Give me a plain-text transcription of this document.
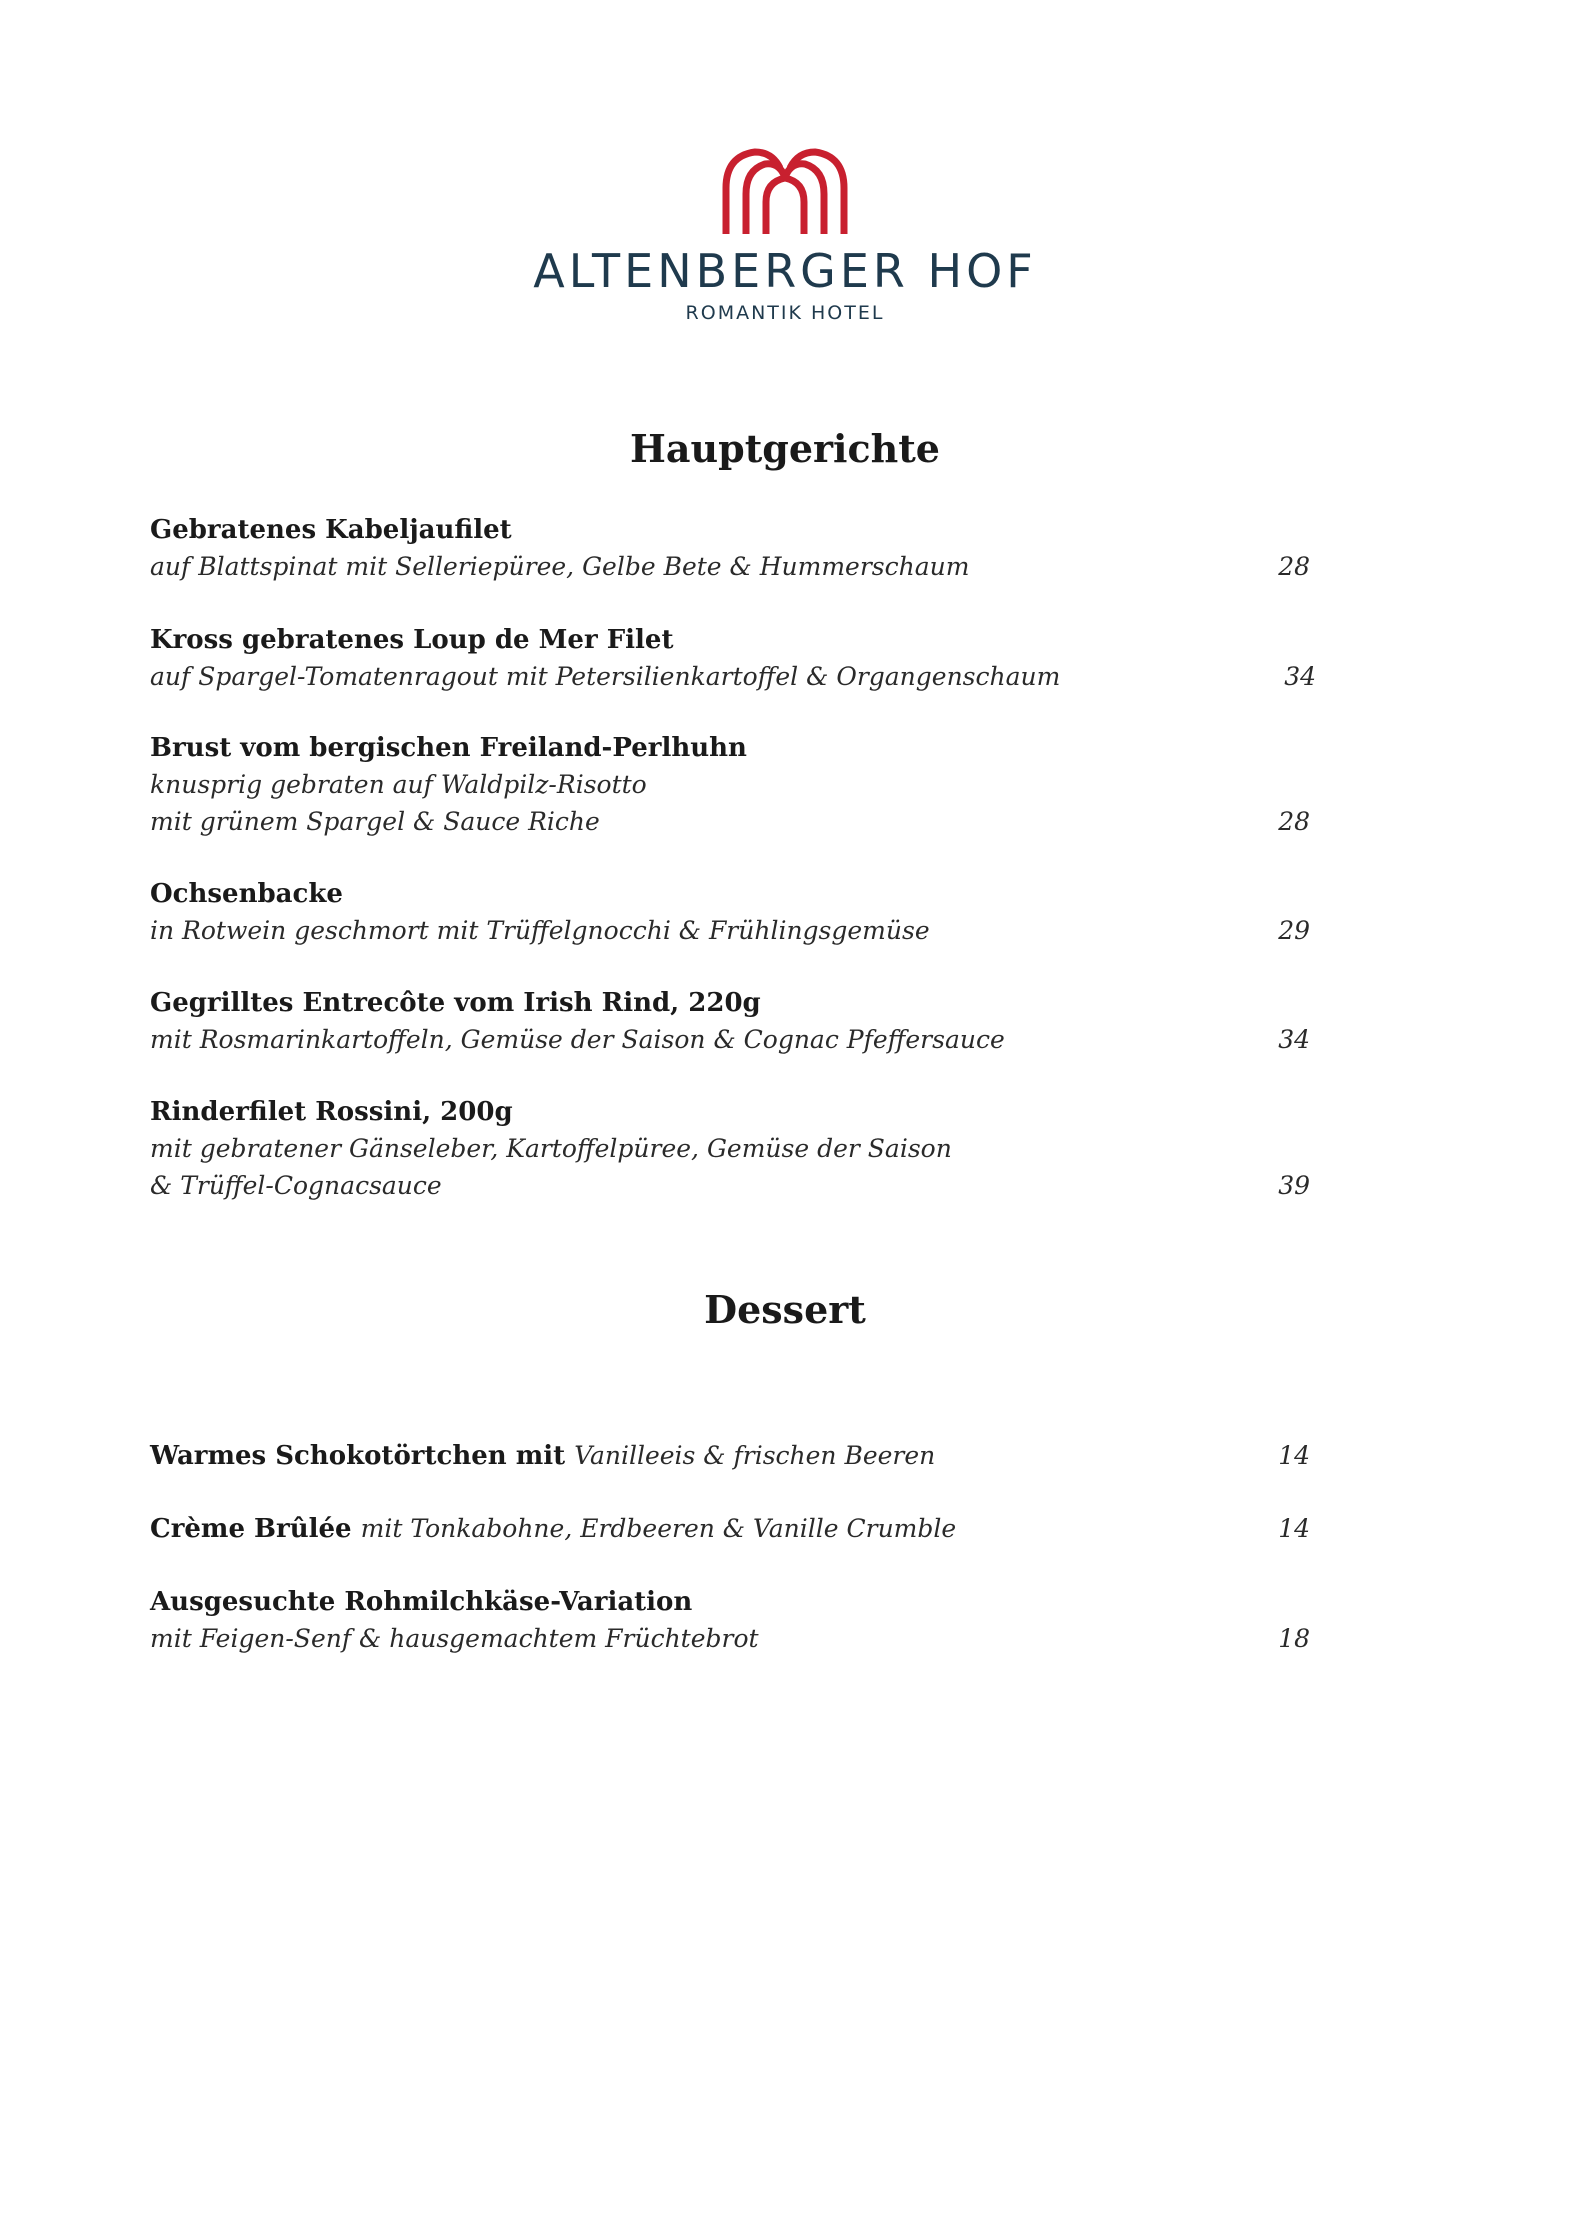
ALTENBERGER HOF
ROMANTIK HOTEL
Hauptgerichte
Gebratenes Kabeljaufilet
auf Blattspinat mit Selleriepüree, Gelbe Bete & Hummerschaum	28
Kross gebratenes Loup de Mer Filet
auf Spargel-Tomatenragout mit Petersilienkartoffel & Organgenschaum	34
Brust vom bergischen Freiland-Perlhuhn
knusprig gebraten auf Waldpilz-Risotto
mit grünem Spargel & Sauce Riche	28
Ochsenbacke
in Rotwein geschmort mit Trüffelgnocchi & Frühlingsgemüse	29
Gegrilltes Entrecôte vom Irish Rind, 220g
mit Rosmarinkartoffeln, Gemüse der Saison & Cognac Pfeffersauce	34
Rinderfilet Rossini, 200g
mit gebratener Gänseleber, Kartoffelpüree, Gemüse der Saison
& Trüffel-Cognacsauce	39
Dessert
Warmes Schokotörtchen mit Vanilleeis & frischen Beeren	14
Crème Brûlée mit Tonkabohne, Erdbeeren & Vanille Crumble	14
Ausgesuchte Rohmilchkäse-Variation
mit Feigen-Senf & hausgemachtem Früchtebrot	18
